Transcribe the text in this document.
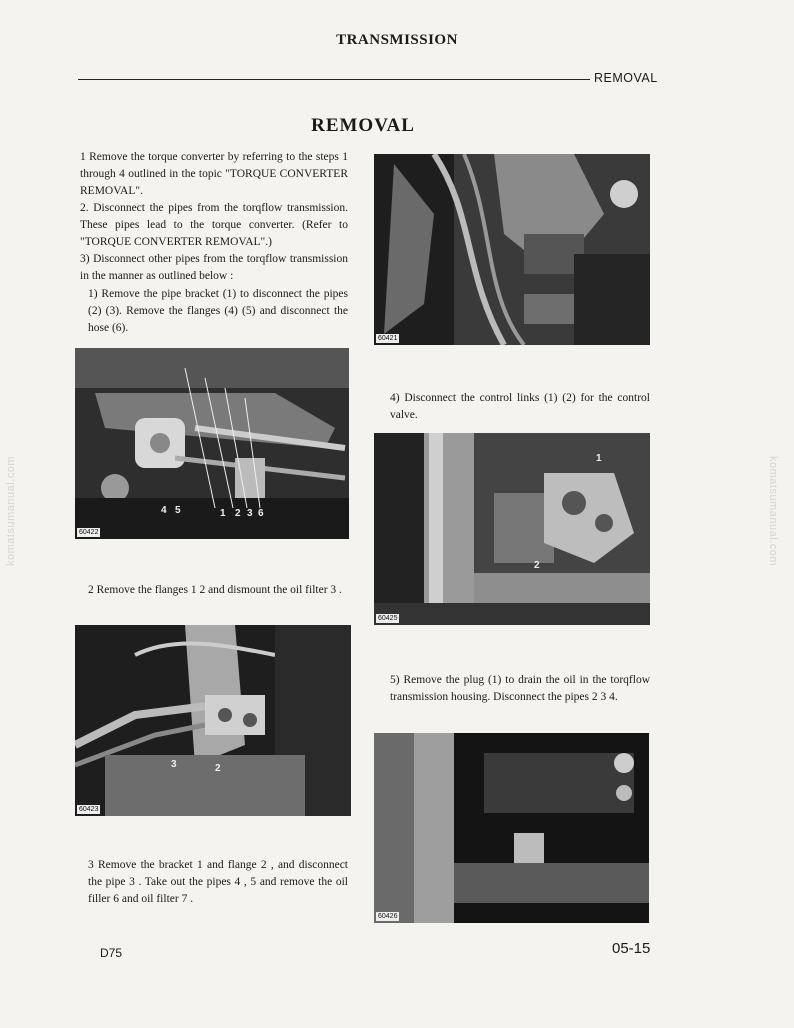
TRANSMISSION
REMOVAL
REMOVAL
komatsumanual.com	komatsumanual.com
1 Remove the torque converter by referring to the steps 1 through 4 outlined in the topic "TORQUE CONVERTER REMOVAL".
2. Disconnect the pipes from the torqflow transmission. These pipes lead to the torque converter. (Refer to "TORQUE CONVERTER REMOVAL".)
3) Disconnect other pipes from the torqflow transmission in the manner as outlined below :
1) Remove the pipe bracket (1) to disconnect the pipes (2) (3). Remove the flanges (4) (5) and disconnect the hose (6).
60421
4 5	1 2 3 6
60422
4) Disconnect the control links (1) (2) for the control valve.
2
1
60425
2 Remove the flanges 1 2 and dismount the oil filter 3 .
3	2
60423
5) Remove the plug (1) to drain the oil in the torqflow transmission housing. Disconnect the pipes 2 3 4.
60426
3 Remove the bracket 1 and flange 2 , and disconnect the pipe 3 . Take out the pipes 4 , 5 and remove the oil filler 6 and oil filter 7 .
D75	05-15
